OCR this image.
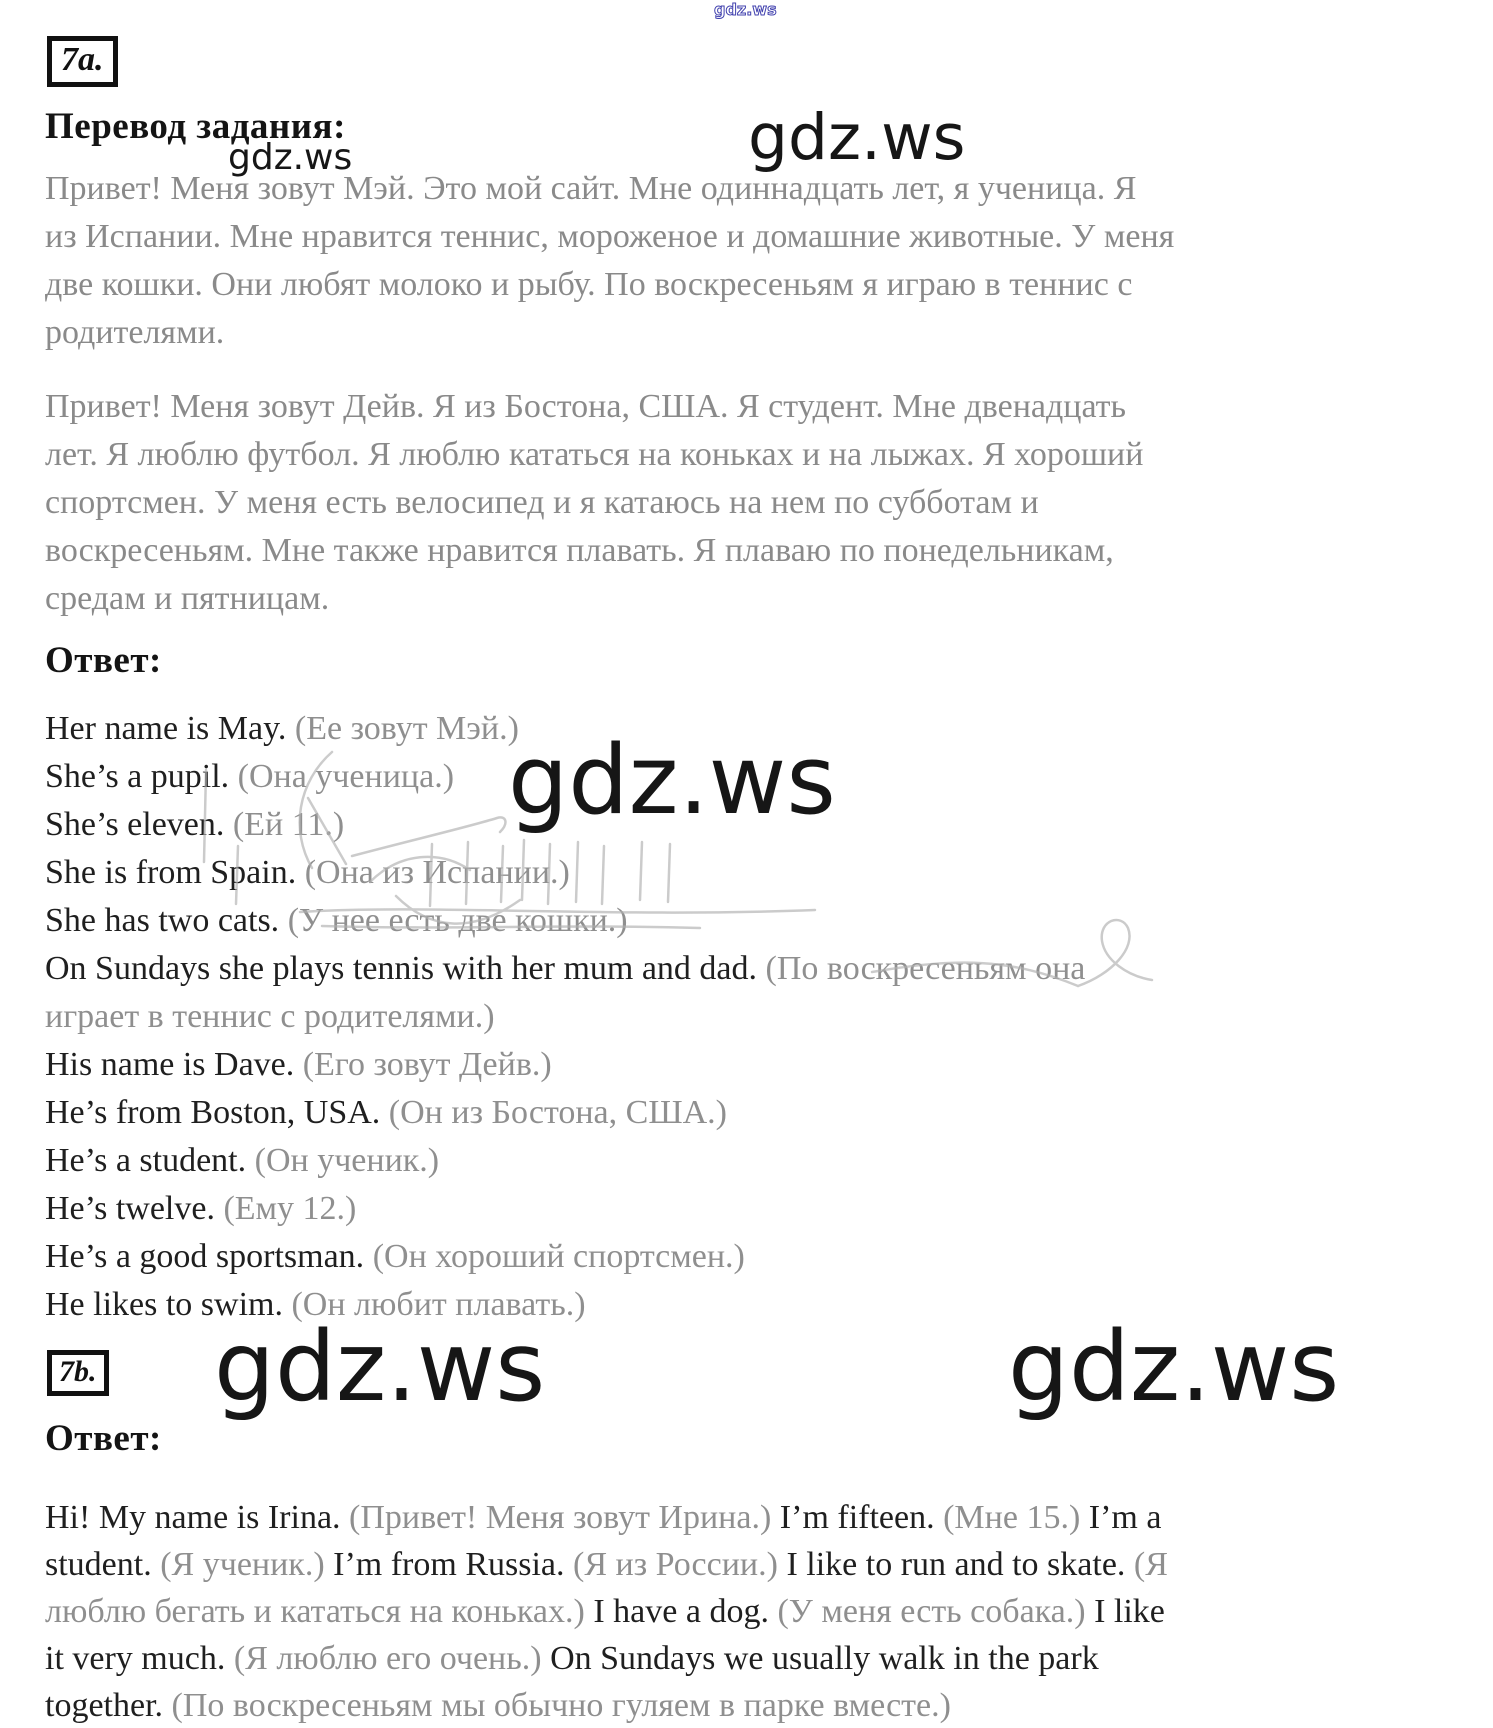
gdz.ws
gdz.ws	gdz.ws
gdz.ws
gdz.ws	gdz.ws
7a.
Перевод задания:
Привет! Меня зовут Мэй. Это мой сайт. Мне одиннадцать лет, я ученица. Я
из Испании. Мне нравится теннис, мороженое и домашние животные. У меня
две кошки. Они любят молоко и рыбу. По воскресеньям я играю в теннис с
родителями.
Привет! Меня зовут Дейв. Я из Бостона, США. Я студент. Мне двенадцать
лет. Я люблю футбол. Я люблю кататься на коньках и на лыжах. Я хороший
спортсмен. У меня есть велосипед и я катаюсь на нем по субботам и
воскресеньям. Мне также нравится плавать. Я плаваю по понедельникам,
средам и пятницам.
Ответ:
Her name is May. (Ее зовут Мэй.)
She’s a pupil. (Она ученица.)
She’s eleven. (Ей 11.)
She is from Spain. (Она из Испании.)
She has two cats. (У нее есть две кошки.)
On Sundays she plays tennis with her mum and dad. (По воскресеньям она
играет в теннис с родителями.)
His name is Dave. (Его зовут Дейв.)
He’s from Boston, USA. (Он из Бостона, США.)
He’s a student. (Он ученик.)
He’s twelve. (Ему 12.)
He’s a good sportsman. (Он хороший спортсмен.)
He likes to swim. (Он любит плавать.)
7b.
Ответ:
Hi! My name is Irina. (Привет! Меня зовут Ирина.) I’m fifteen. (Мне 15.) I’m a
student. (Я ученик.) I’m from Russia. (Я из России.) I like to run and to skate. (Я
люблю бегать и кататься на коньках.) I have a dog. (У меня есть собака.) I like
it very much. (Я люблю его очень.) On Sundays we usually walk in the park
together. (По воскресеньям мы обычно гуляем в парке вместе.)
